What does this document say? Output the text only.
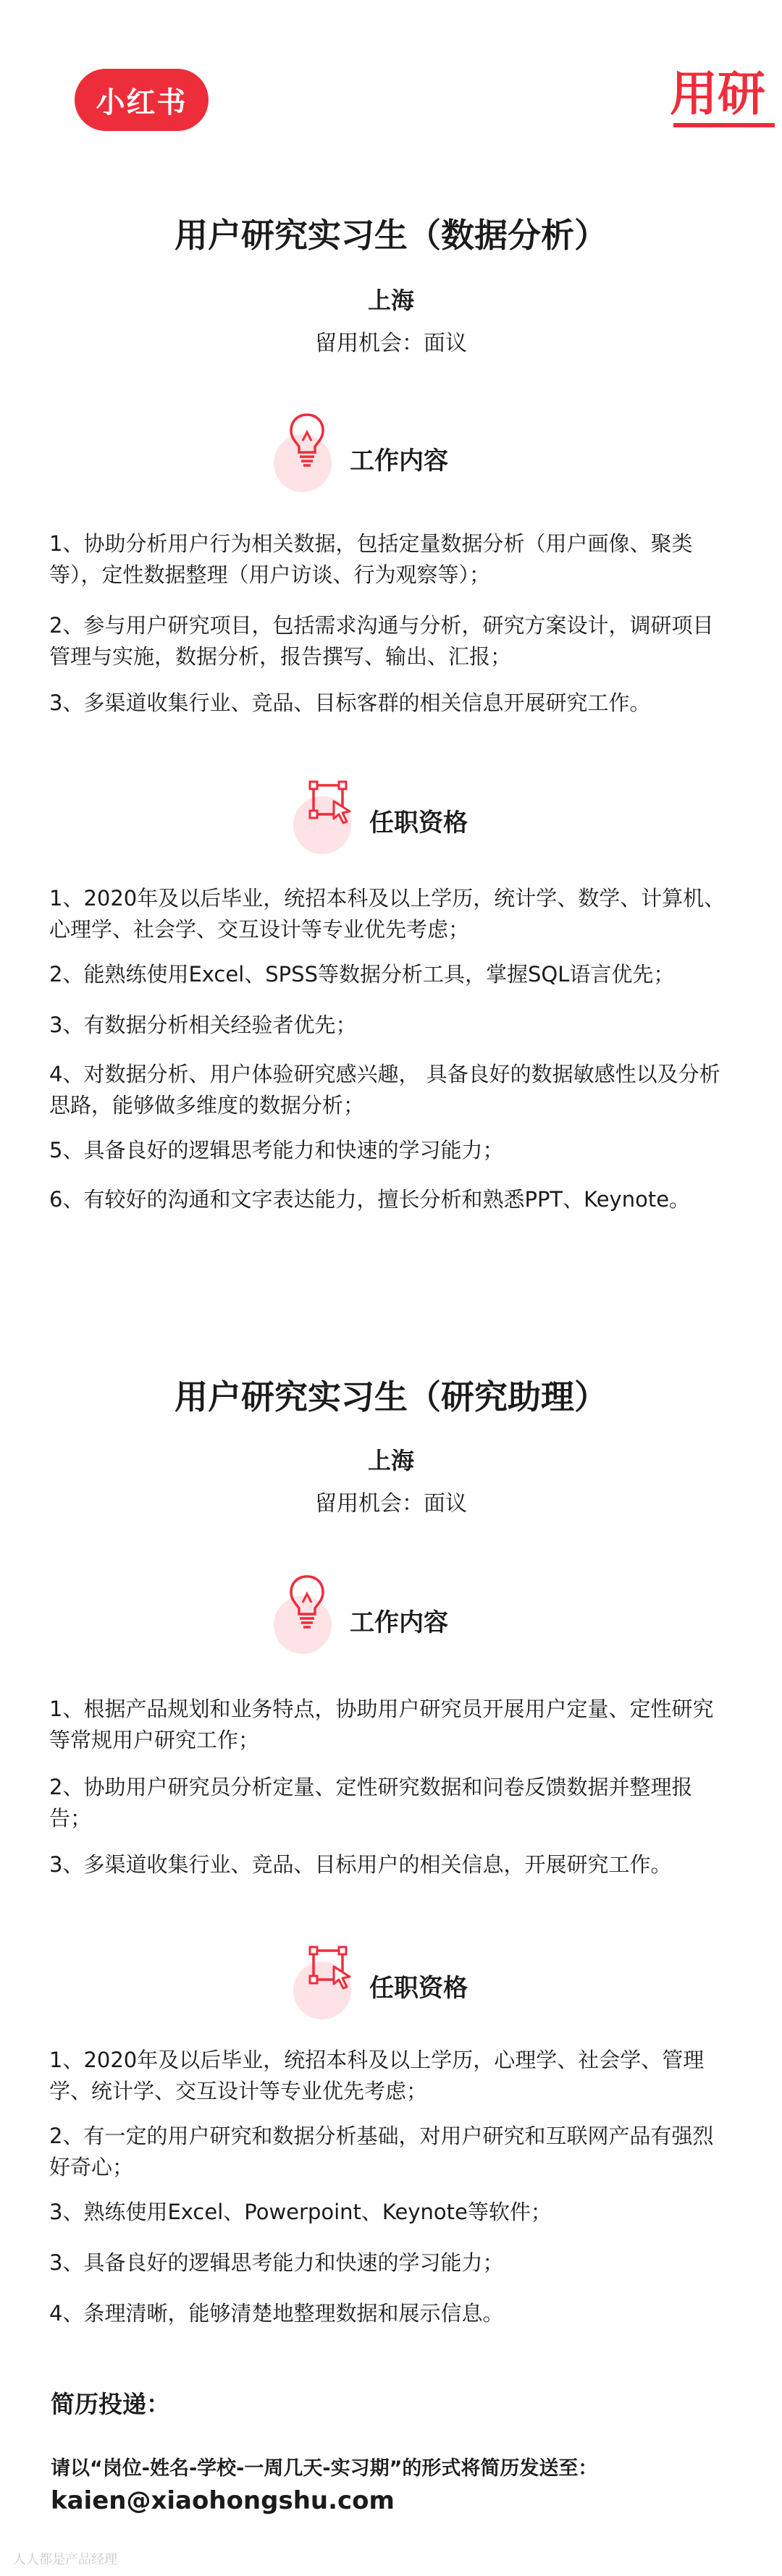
小红书	用研
用户研究实习生（数据分析）
上海
留用机会：面议
工作内容
1、协助分析用户行为相关数据，包括定量数据分析（用户画像、聚类等），定性数据整理（用户访谈、行为观察等）；
2、参与用户研究项目，包括需求沟通与分析，研究方案设计，调研项目管理与实施，数据分析，报告撰写、输出、汇报；
3、多渠道收集行业、竞品、目标客群的相关信息开展研究工作。
任职资格
1、2020年及以后毕业，统招本科及以上学历，统计学、数学、计算机、心理学、社会学、交互设计等专业优先考虑；
2、能熟练使用Excel、SPSS等数据分析工具，掌握SQL语言优先；
3、有数据分析相关经验者优先；
4、对数据分析、用户体验研究感兴趣， 具备良好的数据敏感性以及分析思路，能够做多维度的数据分析；
5、具备良好的逻辑思考能力和快速的学习能力；
6、有较好的沟通和文字表达能力，擅长分析和熟悉PPT、Keynote。
用户研究实习生（研究助理）
上海
留用机会：面议
工作内容
1、根据产品规划和业务特点，协助用户研究员开展用户定量、定性研究等常规用户研究工作；
2、协助用户研究员分析定量、定性研究数据和问卷反馈数据并整理报告；
3、多渠道收集行业、竞品、目标用户的相关信息，开展研究工作。
任职资格
1、2020年及以后毕业，统招本科及以上学历，心理学、社会学、管理学、统计学、交互设计等专业优先考虑；
2、有一定的用户研究和数据分析基础，对用户研究和互联网产品有强烈好奇心；
3、熟练使用Excel、Powerpoint、Keynote等软件；
3、具备良好的逻辑思考能力和快速的学习能力；
4、条理清晰，能够清楚地整理数据和展示信息。
简历投递：
请以“岗位-姓名-学校-一周几天-实习期”的形式将简历发送至：
kaien@xiaohongshu.com
人人都是产品经理
